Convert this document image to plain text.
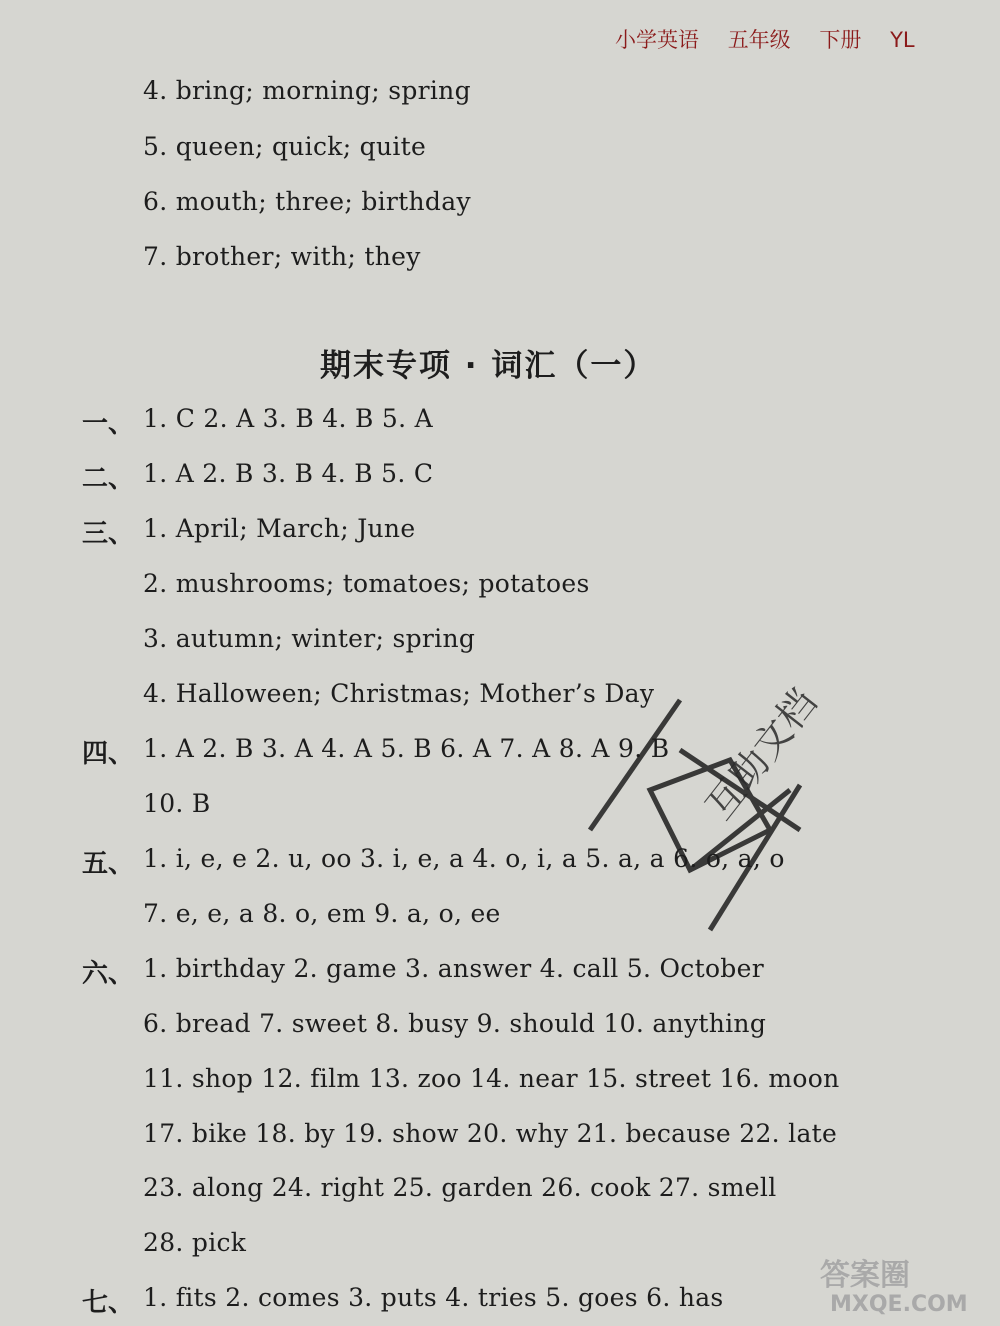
小学英语 五年级 下册 YL
4. bring; morning; spring
5. queen; quick; quite
6. mouth; three; birthday
7. brother; with; they
期末专项 · 词汇（一）
一、 1. C 2. A 3. B 4. B 5. A
二、 1. A 2. B 3. B 4. B 5. C
三、 1. April; March; June
2. mushrooms; tomatoes; potatoes
3. autumn; winter; spring
4. Halloween; Christmas; Mother’s Day
四、 1. A 2. B 3. A 4. A 5. B 6. A 7. A 8. A 9. B
10. B
五、 1. i, e, e 2. u, oo 3. i, e, a 4. o, i, a 5. a, a 6. o, a, o
7. e, e, a 8. o, em 9. a, o, ee
六、 1. birthday 2. game 3. answer 4. call 5. October
6. bread 7. sweet 8. busy 9. should 10. anything
11. shop 12. film 13. zoo 14. near 15. street 16. moon
17. bike 18. by 19. show 20. why 21. because 22. late
23. along 24. right 25. garden 26. cook 27. smell
28. pick
七、 1. fits 2. comes 3. puts 4. tries 5. goes 6. has
互助文档
答案圈
MXQE.COM
